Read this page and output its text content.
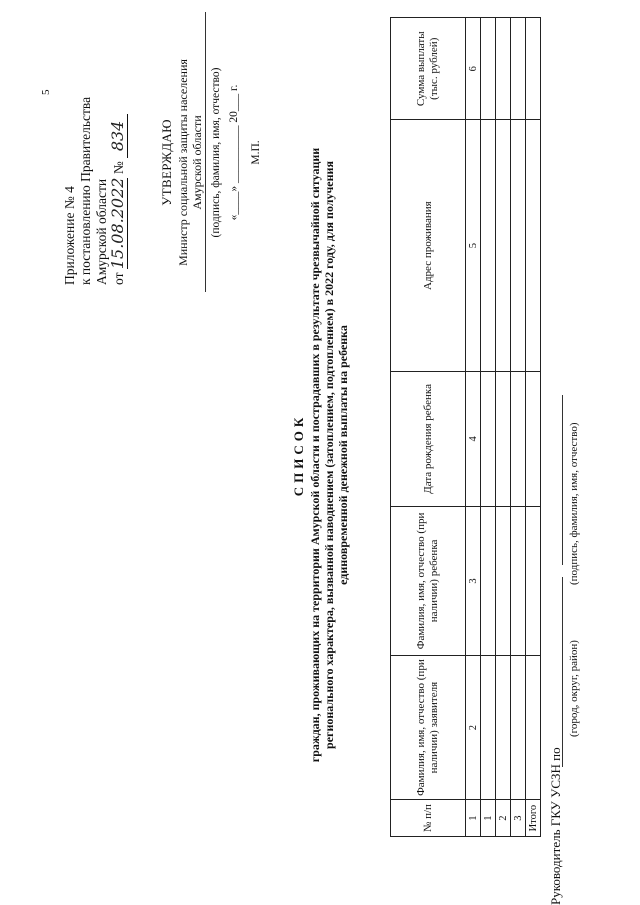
5
Приложение № 4 к постановлению Правительства Амурской области от 15.08.2022 № 834 УТВЕРЖДАЮ Министр социальной защиты населения Амурской области (подпись, фамилия, имя, отчество) «____» __________ 20___ г. М.П.
СПИСОК граждан, проживающих на территории Амурской области и пострадавших в результате чрезвычайной ситуации регионального характера, вызванной наводнением (затоплением, подтоплением) в 2022 году, для получения единовременной денежной выплаты на ребенка
№ п/п	Фамилия, имя, отчество (при наличии) заявителя	Фамилия, имя, отчество (при наличии) ребенка	Дата рождения ребенка	Адрес проживания	Сумма выплаты (тыс. рублей)
1	2	3	4	5	6
1					
2					
3					
Итого					Руководитель ГКУ УСЗН по
(город, округ, район)
(подпись, фамилия, имя, отчество)
